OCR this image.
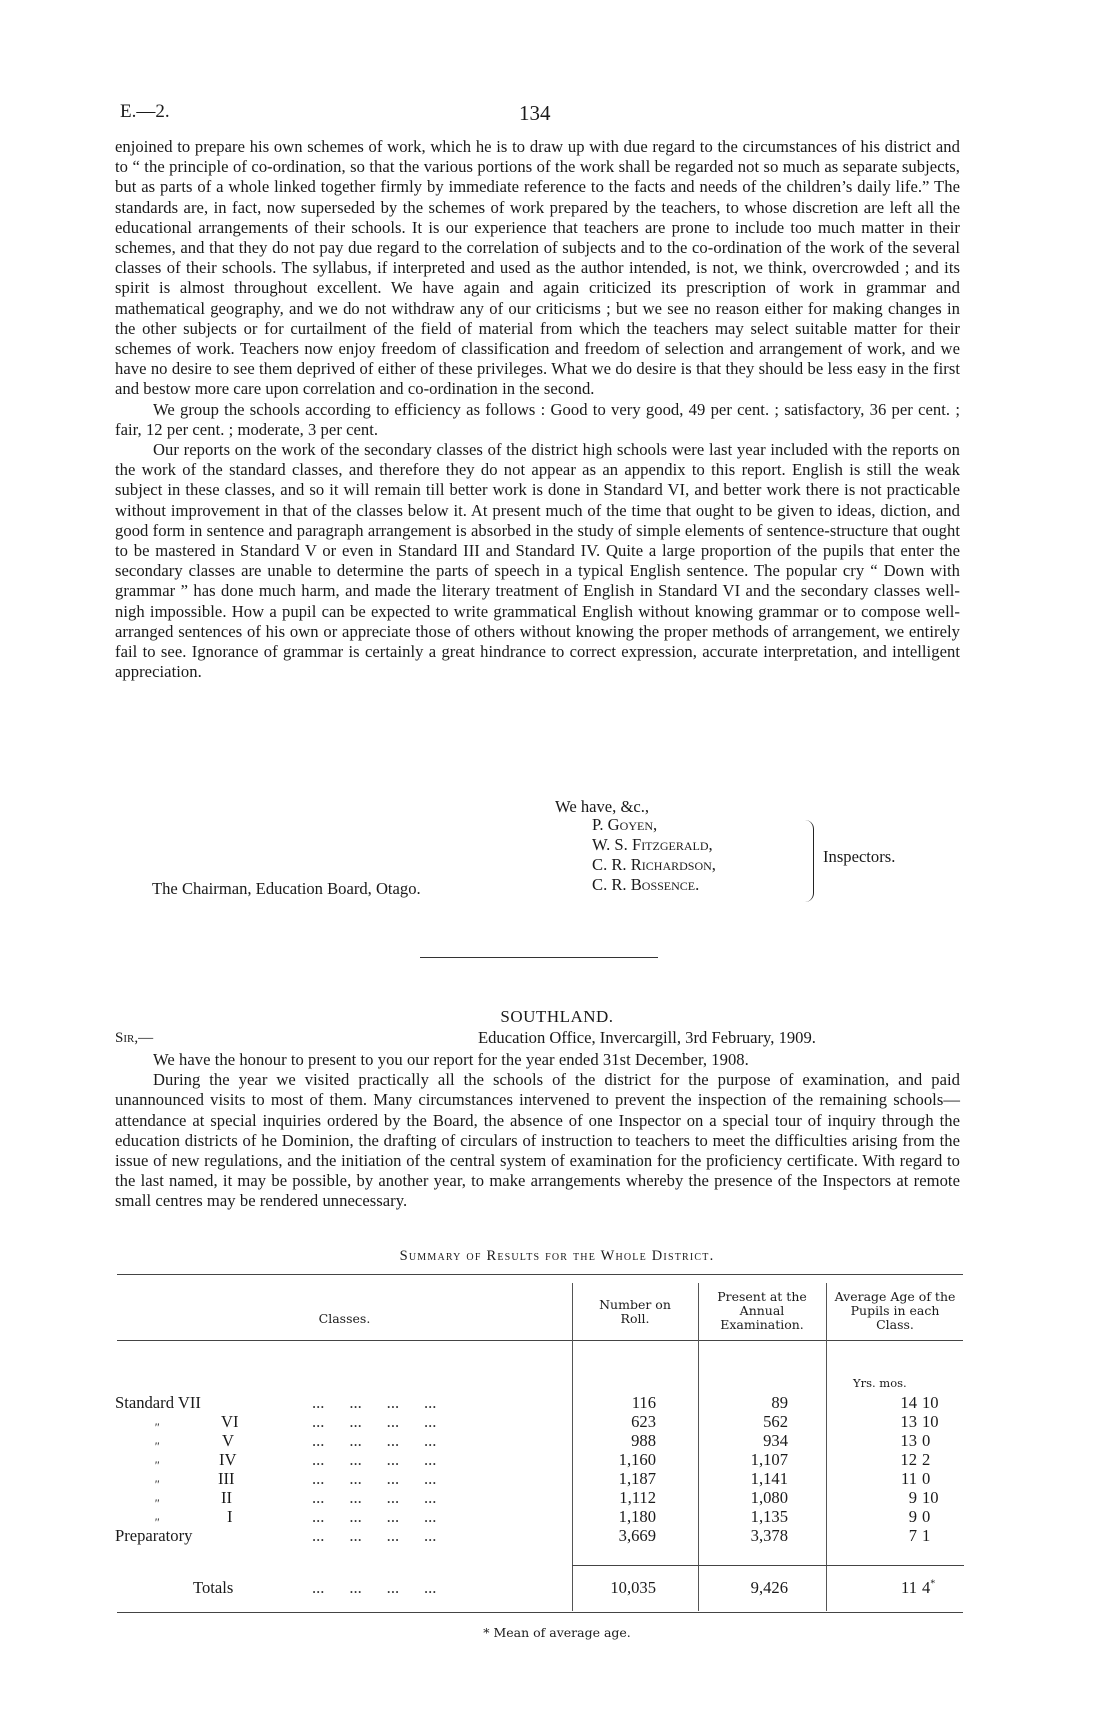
E.—2.	134

enjoined to prepare his own schemes of work, which he is to draw up with due regard to the circumstances of his district and to “ the principle of co-ordination, so that the various portions of the work shall be regarded not so much as separate subjects, but as parts of a whole linked together firmly by immediate reference to the facts and needs of the children’s daily life.” The standards are, in fact, now superseded by the schemes of work prepared by the teachers, to whose discretion are left all the educational arrangements of their schools. It is our experience that teachers are prone to include too much matter in their schemes, and that they do not pay due regard to the correlation of subjects and to the co-ordination of the work of the several classes of their schools. The syllabus, if interpreted and used as the author intended, is not, we think, overcrowded ; and its spirit is almost throughout excellent. We have again and again criticized its prescription of work in grammar and mathematical geography, and we do not withdraw any of our criticisms ; but we see no reason either for making changes in the other subjects or for curtailment of the field of material from which the teachers may select suitable matter for their schemes of work. Teachers now enjoy freedom of classification and freedom of selection and arrangement of work, and we have no desire to see them deprived of either of these privileges. What we do desire is that they should be less easy in the first and bestow more care upon correlation and co-ordination in the second.

We group the schools according to efficiency as follows : Good to very good, 49 per cent. ; satisfactory, 36 per cent. ; fair, 12 per cent. ; moderate, 3 per cent.

Our reports on the work of the secondary classes of the district high schools were last year included with the reports on the work of the standard classes, and therefore they do not appear as an appendix to this report. English is still the weak subject in these classes, and so it will remain till better work is done in Standard VI, and better work there is not practicable without improvement in that of the classes below it. At present much of the time that ought to be given to ideas, diction, and good form in sentence and paragraph arrangement is absorbed in the study of simple elements of sentence-structure that ought to be mastered in Standard V or even in Standard III and Standard IV. Quite a large proportion of the pupils that enter the secondary classes are unable to determine the parts of speech in a typical English sentence. The popular cry “ Down with grammar ” has done much harm, and made the literary treatment of English in Standard VI and the secondary classes well-nigh impossible. How a pupil can be expected to write grammatical English without knowing grammar or to compose well-arranged sentences of his own or appreciate those of others without knowing the proper methods of arrangement, we entirely fail to see. Ignorance of grammar is certainly a great hindrance to correct expression, accurate interpretation, and intelligent appreciation.

We have, &c.,
P. Goyen,
W. S. Fitzgerald,
C. R. Richardson,
C. R. Bossence.
Inspectors.
The Chairman, Education Board, Otago.
SOUTHLAND.
Sir,—	Education Office, Invercargill, 3rd February, 1909.

We have the honour to present to you our report for the year ended 31st December, 1908.

During the year we visited practically all the schools of the district for the purpose of examination, and paid unannounced visits to most of them. Many circumstances intervened to prevent the inspection of the remaining schools—attendance at special inquiries ordered by the Board, the absence of one Inspector on a special tour of inquiry through the education districts of he Dominion, the drafting of circulars of instruction to teachers to meet the difficulties arising from the issue of new regulations, and the initiation of the central system of examination for the proficiency certificate. With regard to the last named, it may be possible, by another year, to make arrangements whereby the presence of the Inspectors at remote small centres may be rendered unnecessary.

Summary of Results for the Whole District.
Classes.
Number on Roll.
Present at the Annual Examination.
Average Age of the Pupils in each Class.
Yrs. mos.
Standard VII	...      ...      ...      ...	116	89	14 10
"	VI	...      ...      ...      ...	623	562	13 10
"	V	...      ...      ...      ...	988	934	13 0
"	IV	...      ...      ...      ...	1,160	1,107	12 2
"	III	...      ...      ...      ...	1,187	1,141	11 0
"	II	...      ...      ...      ...	1,112	1,080	9 10
"	I	...      ...      ...      ...	1,180	1,135	9 0
Preparatory	...      ...      ...      ...	3,669	3,378	7 1
Totals	...      ...      ...      ...	10,035	9,426	11 4*
* Mean of average age.
